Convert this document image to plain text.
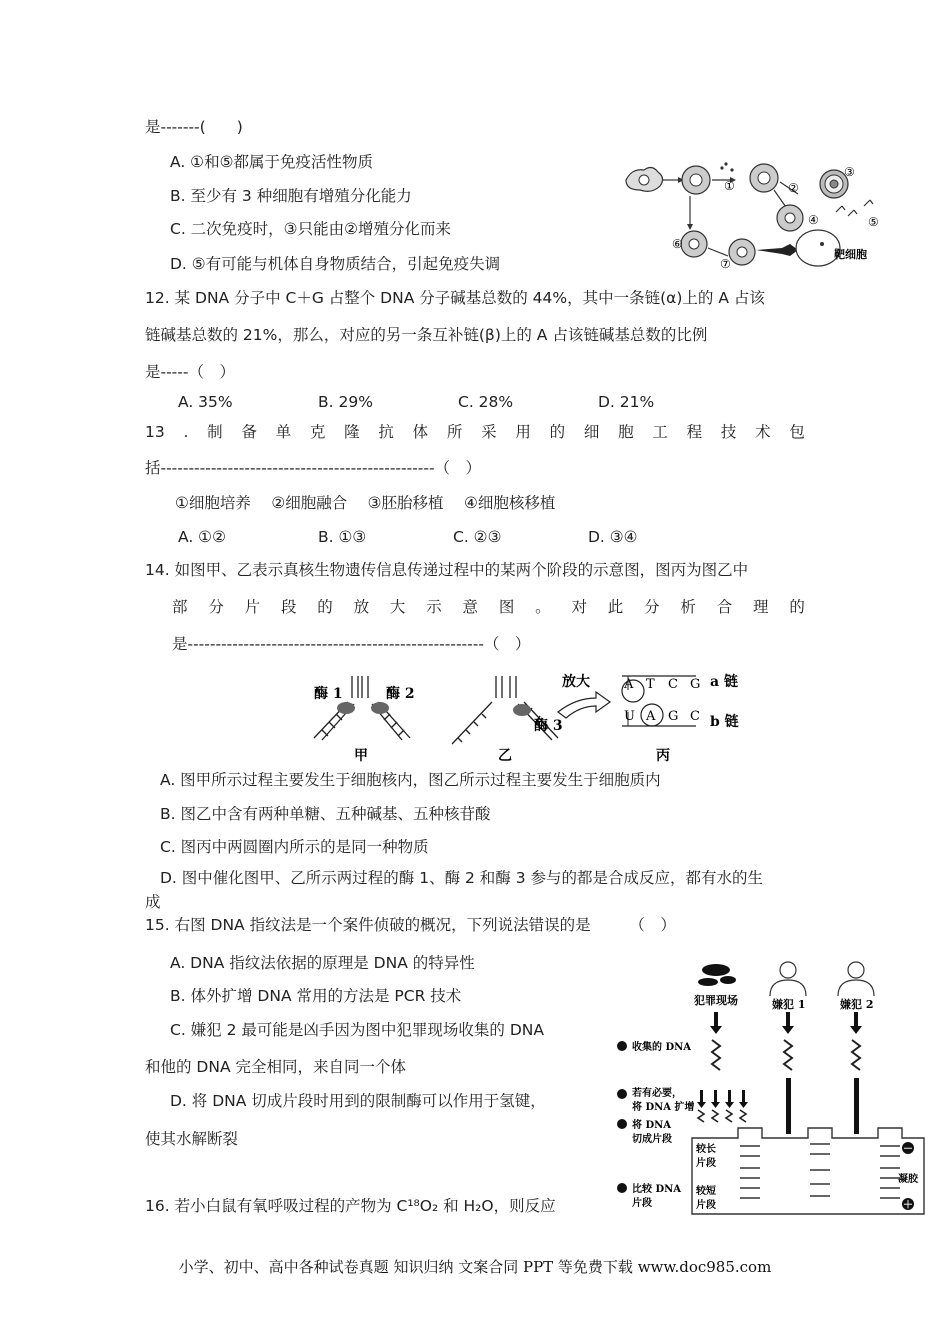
是-------(　　)
A. ①和⑤都属于免疫活性物质
B. 至少有 3 种细胞有增殖分化能力
C. 二次免疫时，③只能由②增殖分化而来
D. ⑤有可能与机体自身物质结合，引起免疫失调
①	②
③
④	⑤
⑥
⑦
靶细胞
12. 某 DNA 分子中 C＋G 占整个 DNA 分子碱基总数的 44%，其中一条链(α)上的 A 占该
链碱基总数的 21%，那么，对应的另一条互补链(β)上的 A 占该链碱基总数的比例
是-----（　）
A. 35%	B. 29%	C. 28%	D. 21%
13 . 制 备 单 克 隆 抗 体 所 采 用 的 细 胞 工 程 技 术 包
括-------------------------------------------------（　）
①细胞培养　 ②细胞融合　 ③胚胎移植　 ④细胞核移植
A. ①②	B. ①③	C. ②③	D. ③④
14. 如图甲、乙表示真核生物遗传信息传递过程中的某两个阶段的示意图，图丙为图乙中
部 分 片 段 的 放 大 示 意 图 。 对 此 分 析 合 理 的
是-----------------------------------------------------（　）
酶 1	酶 2
甲
酶 3
乙
放大	A T C G
U A G C
a 链
b 链
丙
A. 图甲所示过程主要发生于细胞核内，图乙所示过程主要发生于细胞质内
B. 图乙中含有两种单糖、五种碱基、五种核苷酸
C. 图丙中两圆圈内所示的是同一种物质
D. 图中催化图甲、乙所示两过程的酶 1、酶 2 和酶 3 参与的都是合成反应，都有水的生
成
15. 右图 DNA 指纹法是一个案件侦破的概况，下列说法错误的是　　　（　）
A. DNA 指纹法依据的原理是 DNA 的特异性
B. 体外扩增 DNA 常用的方法是 PCR 技术
C. 嫌犯 2 最可能是凶手因为图中犯罪现场收集的 DNA
和他的 DNA 完全相同，来自同一个体
D. 将 DNA 切成片段时用到的限制酶可以作用于氢键，
使其水解断裂
犯罪现场	嫌犯 1	嫌犯 2
收集的 DNA
若有必要，
将 DNA 扩增
将 DNA
切成片段
比较 DNA
片段
较长
片段
较短
片段
凝胶
－
＋
16. 若小白鼠有氧呼吸过程的产物为 C¹⁸O₂ 和 H₂O，则反应
小学、初中、高中各种试卷真题 知识归纳 文案合同 PPT 等免费下载 www.doc985.com
